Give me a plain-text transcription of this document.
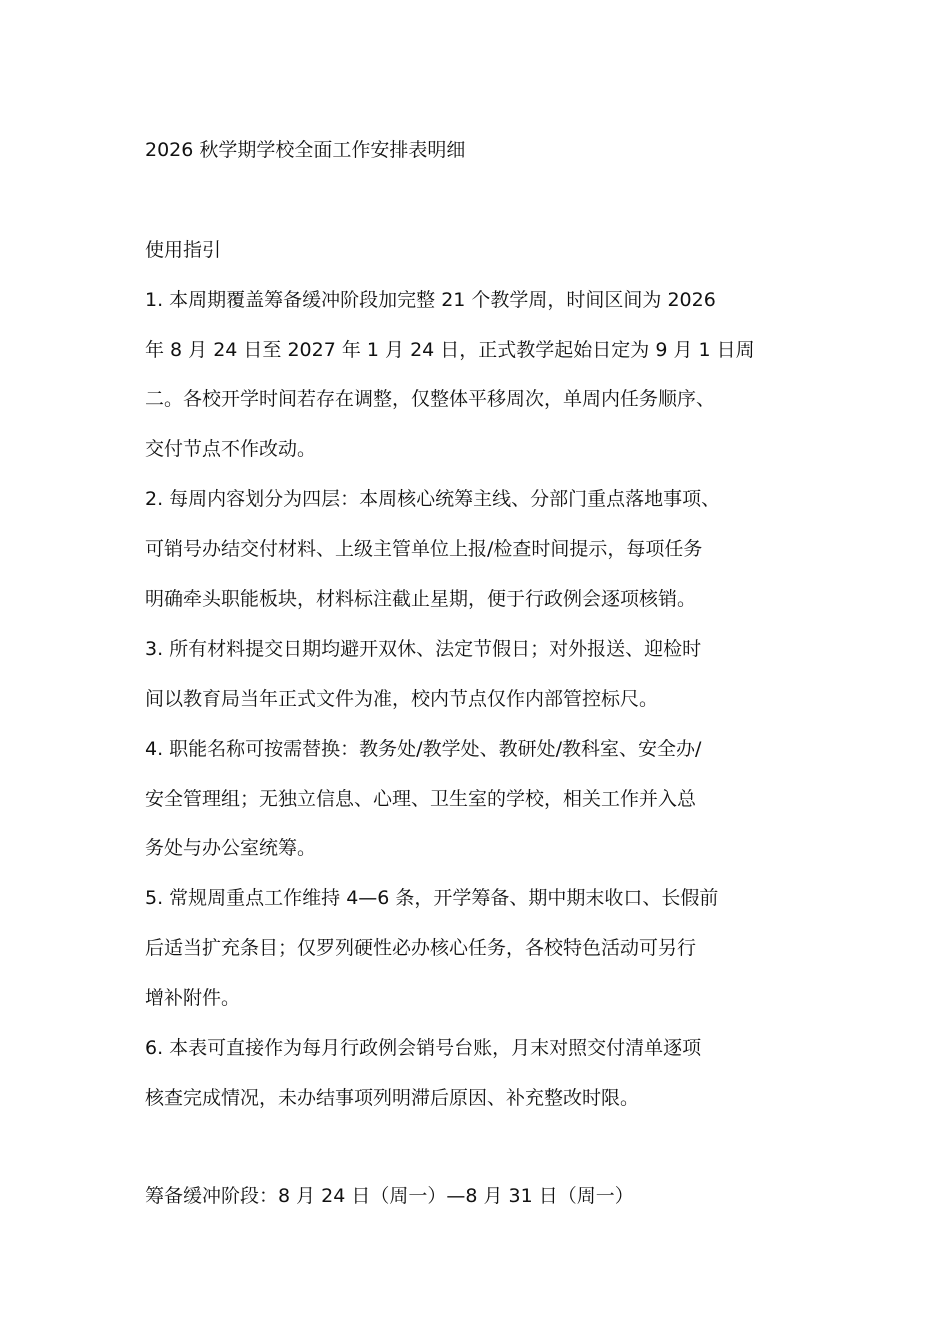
2026 秋学期学校全面工作安排表明细
使用指引
1. 本周期覆盖筹备缓冲阶段加完整 21 个教学周，时间区间为 2026
年 8 月 24 日至 2027 年 1 月 24 日，正式教学起始日定为 9 月 1 日周
二。各校开学时间若存在调整，仅整体平移周次，单周内任务顺序、
交付节点不作改动。
2. 每周内容划分为四层：本周核心统筹主线、分部门重点落地事项、
可销号办结交付材料、上级主管单位上报/检查时间提示，每项任务
明确牵头职能板块，材料标注截止星期，便于行政例会逐项核销。
3. 所有材料提交日期均避开双休、法定节假日；对外报送、迎检时
间以教育局当年正式文件为准，校内节点仅作内部管控标尺。
4. 职能名称可按需替换：教务处/教学处、教研处/教科室、安全办/
安全管理组；无独立信息、心理、卫生室的学校，相关工作并入总
务处与办公室统筹。
5. 常规周重点工作维持 4—6 条，开学筹备、期中期末收口、长假前
后适当扩充条目；仅罗列硬性必办核心任务，各校特色活动可另行
增补附件。
6. 本表可直接作为每月行政例会销号台账，月末对照交付清单逐项
核查完成情况，未办结事项列明滞后原因、补充整改时限。
筹备缓冲阶段：8 月 24 日（周一）—8 月 31 日（周一）
